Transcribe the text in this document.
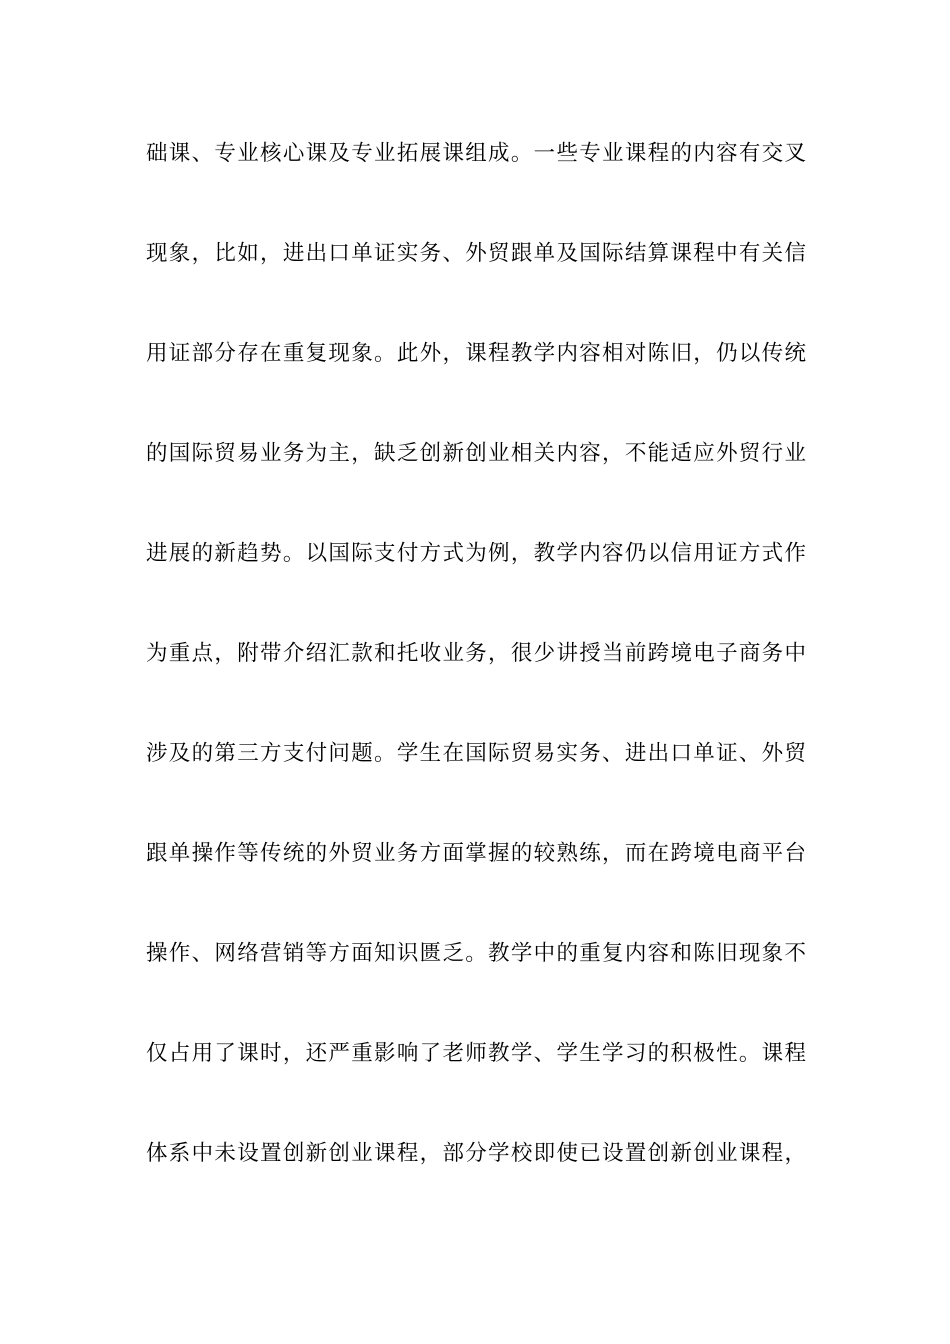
础课、专业核心课及专业拓展课组成。一些专业课程的内容有交叉
现象，比如，进出口单证实务、外贸跟单及国际结算课程中有关信
用证部分存在重复现象。此外，课程教学内容相对陈旧，仍以传统
的国际贸易业务为主，缺乏创新创业相关内容，不能适应外贸行业
进展的新趋势。以国际支付方式为例，教学内容仍以信用证方式作
为重点，附带介绍汇款和托收业务，很少讲授当前跨境电子商务中
涉及的第三方支付问题。学生在国际贸易实务、进出口单证、外贸
跟单操作等传统的外贸业务方面掌握的较熟练，而在跨境电商平台
操作、网络营销等方面知识匮乏。教学中的重复内容和陈旧现象不
仅占用了课时，还严重影响了老师教学、学生学习的积极性。课程
体系中未设置创新创业课程，部分学校即使已设置创新创业课程，
